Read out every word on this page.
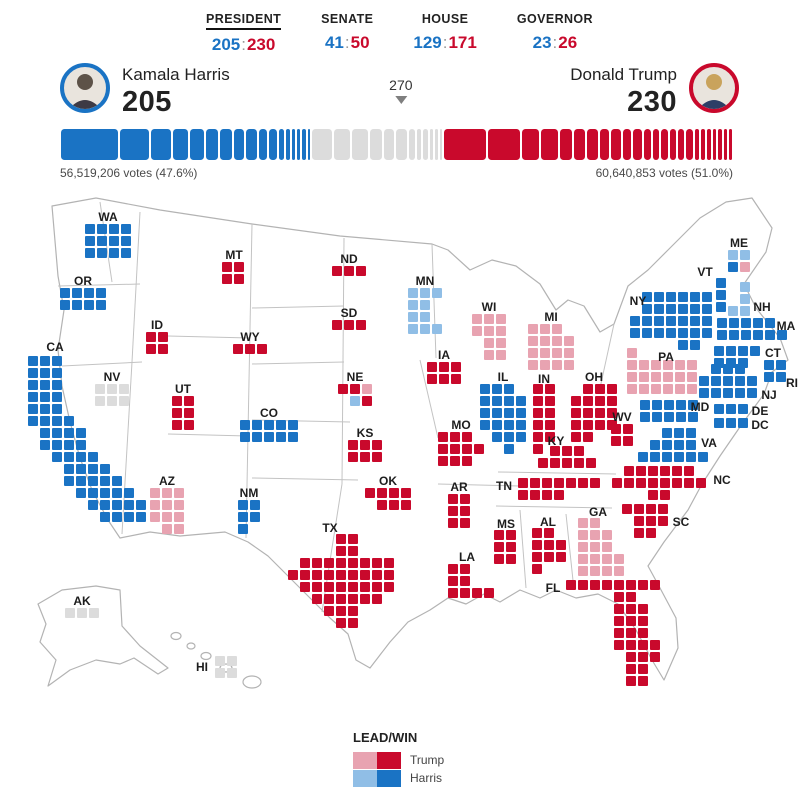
PRESIDENT
205:230
SENATE
41:50
HOUSE
129:171
GOVERNOR
23:26
Kamala Harris
205
270
Donald Trump
230
56,519,206 votes (47.6%)	60,640,853 votes (51.0%)
WA
OR
CA
NV
ID
MT
WY
UT
CO
AZ
NM
ND
SD
NE
KS
OK
TX
MN
IA
MO
AR
LA
WI
IL
MI
IN	OH
KY
TN
WV
VA
NC
SC
GA
AL
MS
FL
ME
VT
NH
MA
CT
RI
NY
PA
NJ
MD	DE
DC
AK
HI
LEAD/WIN
Trump
Harris
